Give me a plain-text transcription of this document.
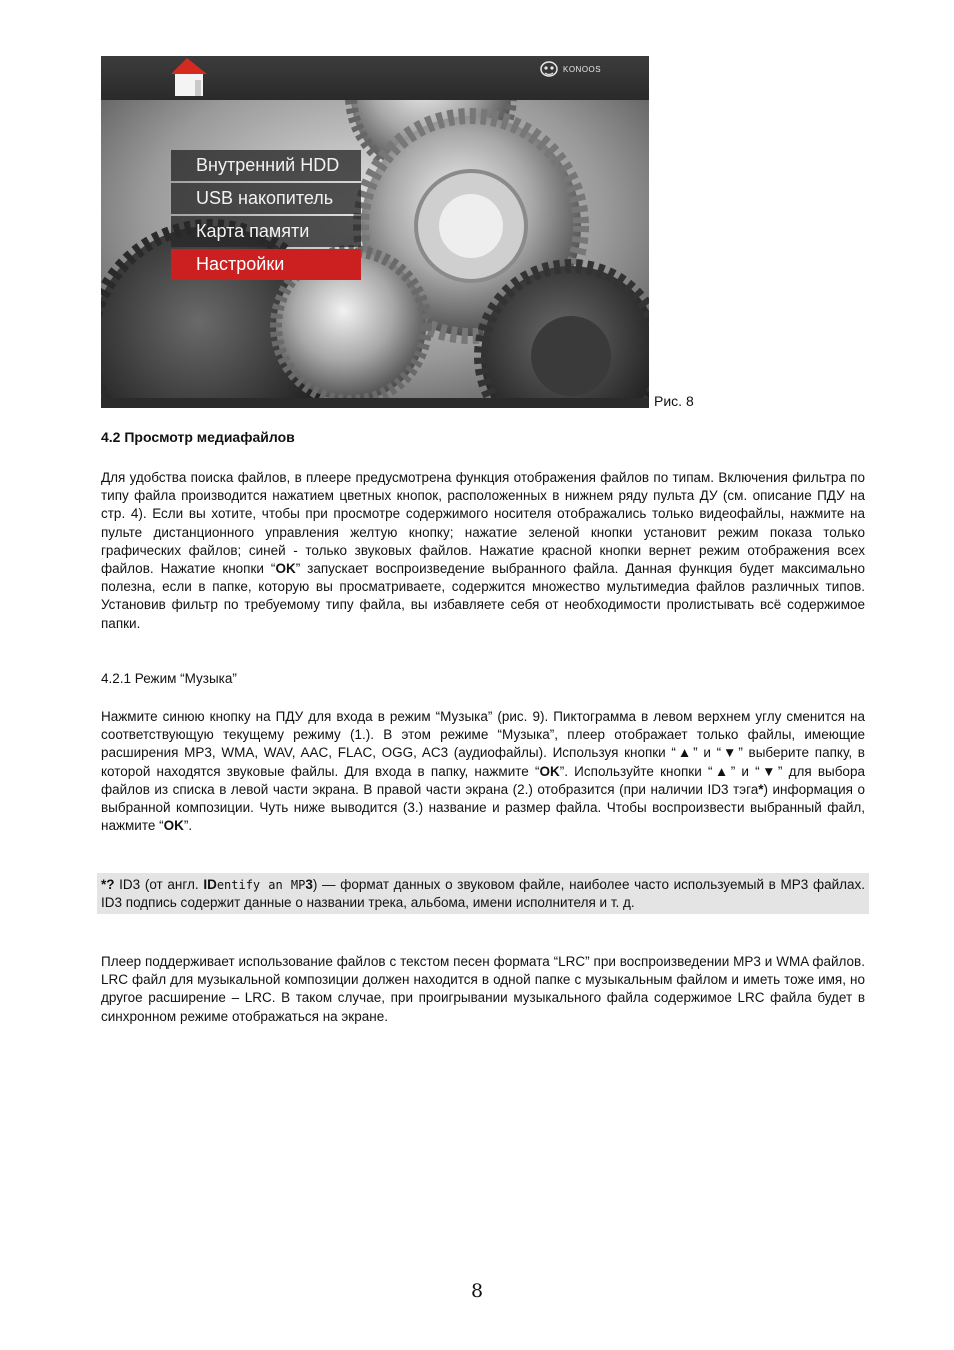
KONOOS
Внутренний HDD
USB накопитель
Карта памяти
Настройки
Рис. 8
4.2 Просмотр медиафайлов

Для удобства поиска файлов, в плеере предусмотрена функция отображения файлов по типам. Включения фильтра по типу файла производится нажатием цветных кнопок, расположенных в нижнем ряду пульта ДУ (см. описание ПДУ на стр. 4). Если вы хотите, чтобы при просмотре содержимого носителя отображались только видеофайлы, нажмите на пульте дистанционного управления желтую кнопку; нажатие зеленой кнопки установит режим показа только графических файлов; синей - только звуковых файлов. Нажатие красной кнопки вернет режим отображения всех файлов. Нажатие кнопки “OK” запускает воспроизведение выбранного файла. Данная функция будет максимально полезна, если в папке, которую вы просматриваете, содержится множество мультимедиа файлов различных типов. Установив фильтр по требуемому типу файла, вы избавляете себя от необходимости пролистывать всё содержимое папки.

4.2.1 Режим “Музыка”

Нажмите синюю кнопку на ПДУ для входа в режим “Музыка” (рис. 9). Пиктограмма в левом верхнем углу сменится на соответствующую текущему режиму (1.). В этом режиме “Музыка”, плеер отображает только файлы, имеющие расширения MP3, WMA, WAV, AAC, FLAC, OGG, AC3 (аудиофайлы). Используя кнопки “▲” и “▼” выберите папку, в которой находятся звуковые файлы. Для входа в папку, нажмите “OK”. Используйте кнопки “▲” и “▼” для выбора файлов из списка в левой части экрана. В правой части экрана (2.) отобразится (при наличии ID3 тэга*) информация о выбранной композиции. Чуть ниже выводится (3.) название и размер файла. Чтобы воспроизвести выбранный файл, нажмите “OK”.

*? ID3 (от англ. IDentify an MP3) — формат данных о звуковом файле, наиболее часто используемый в MP3 файлах. ID3 подпись содержит данные о названии трека, альбома, имени исполнителя и т. д.

Плеер поддерживает использование файлов с текстом песен формата “LRC” при воспроизведении MP3 и WMA файлов. LRC файл для музыкальной композиции должен находится в одной папке с музыкальным файлом и иметь тоже имя, но другое расширение – LRC. В таком случае, при проигрывании музыкального файла содержимое LRC файла будет в синхронном режиме отображаться на экране.

8
